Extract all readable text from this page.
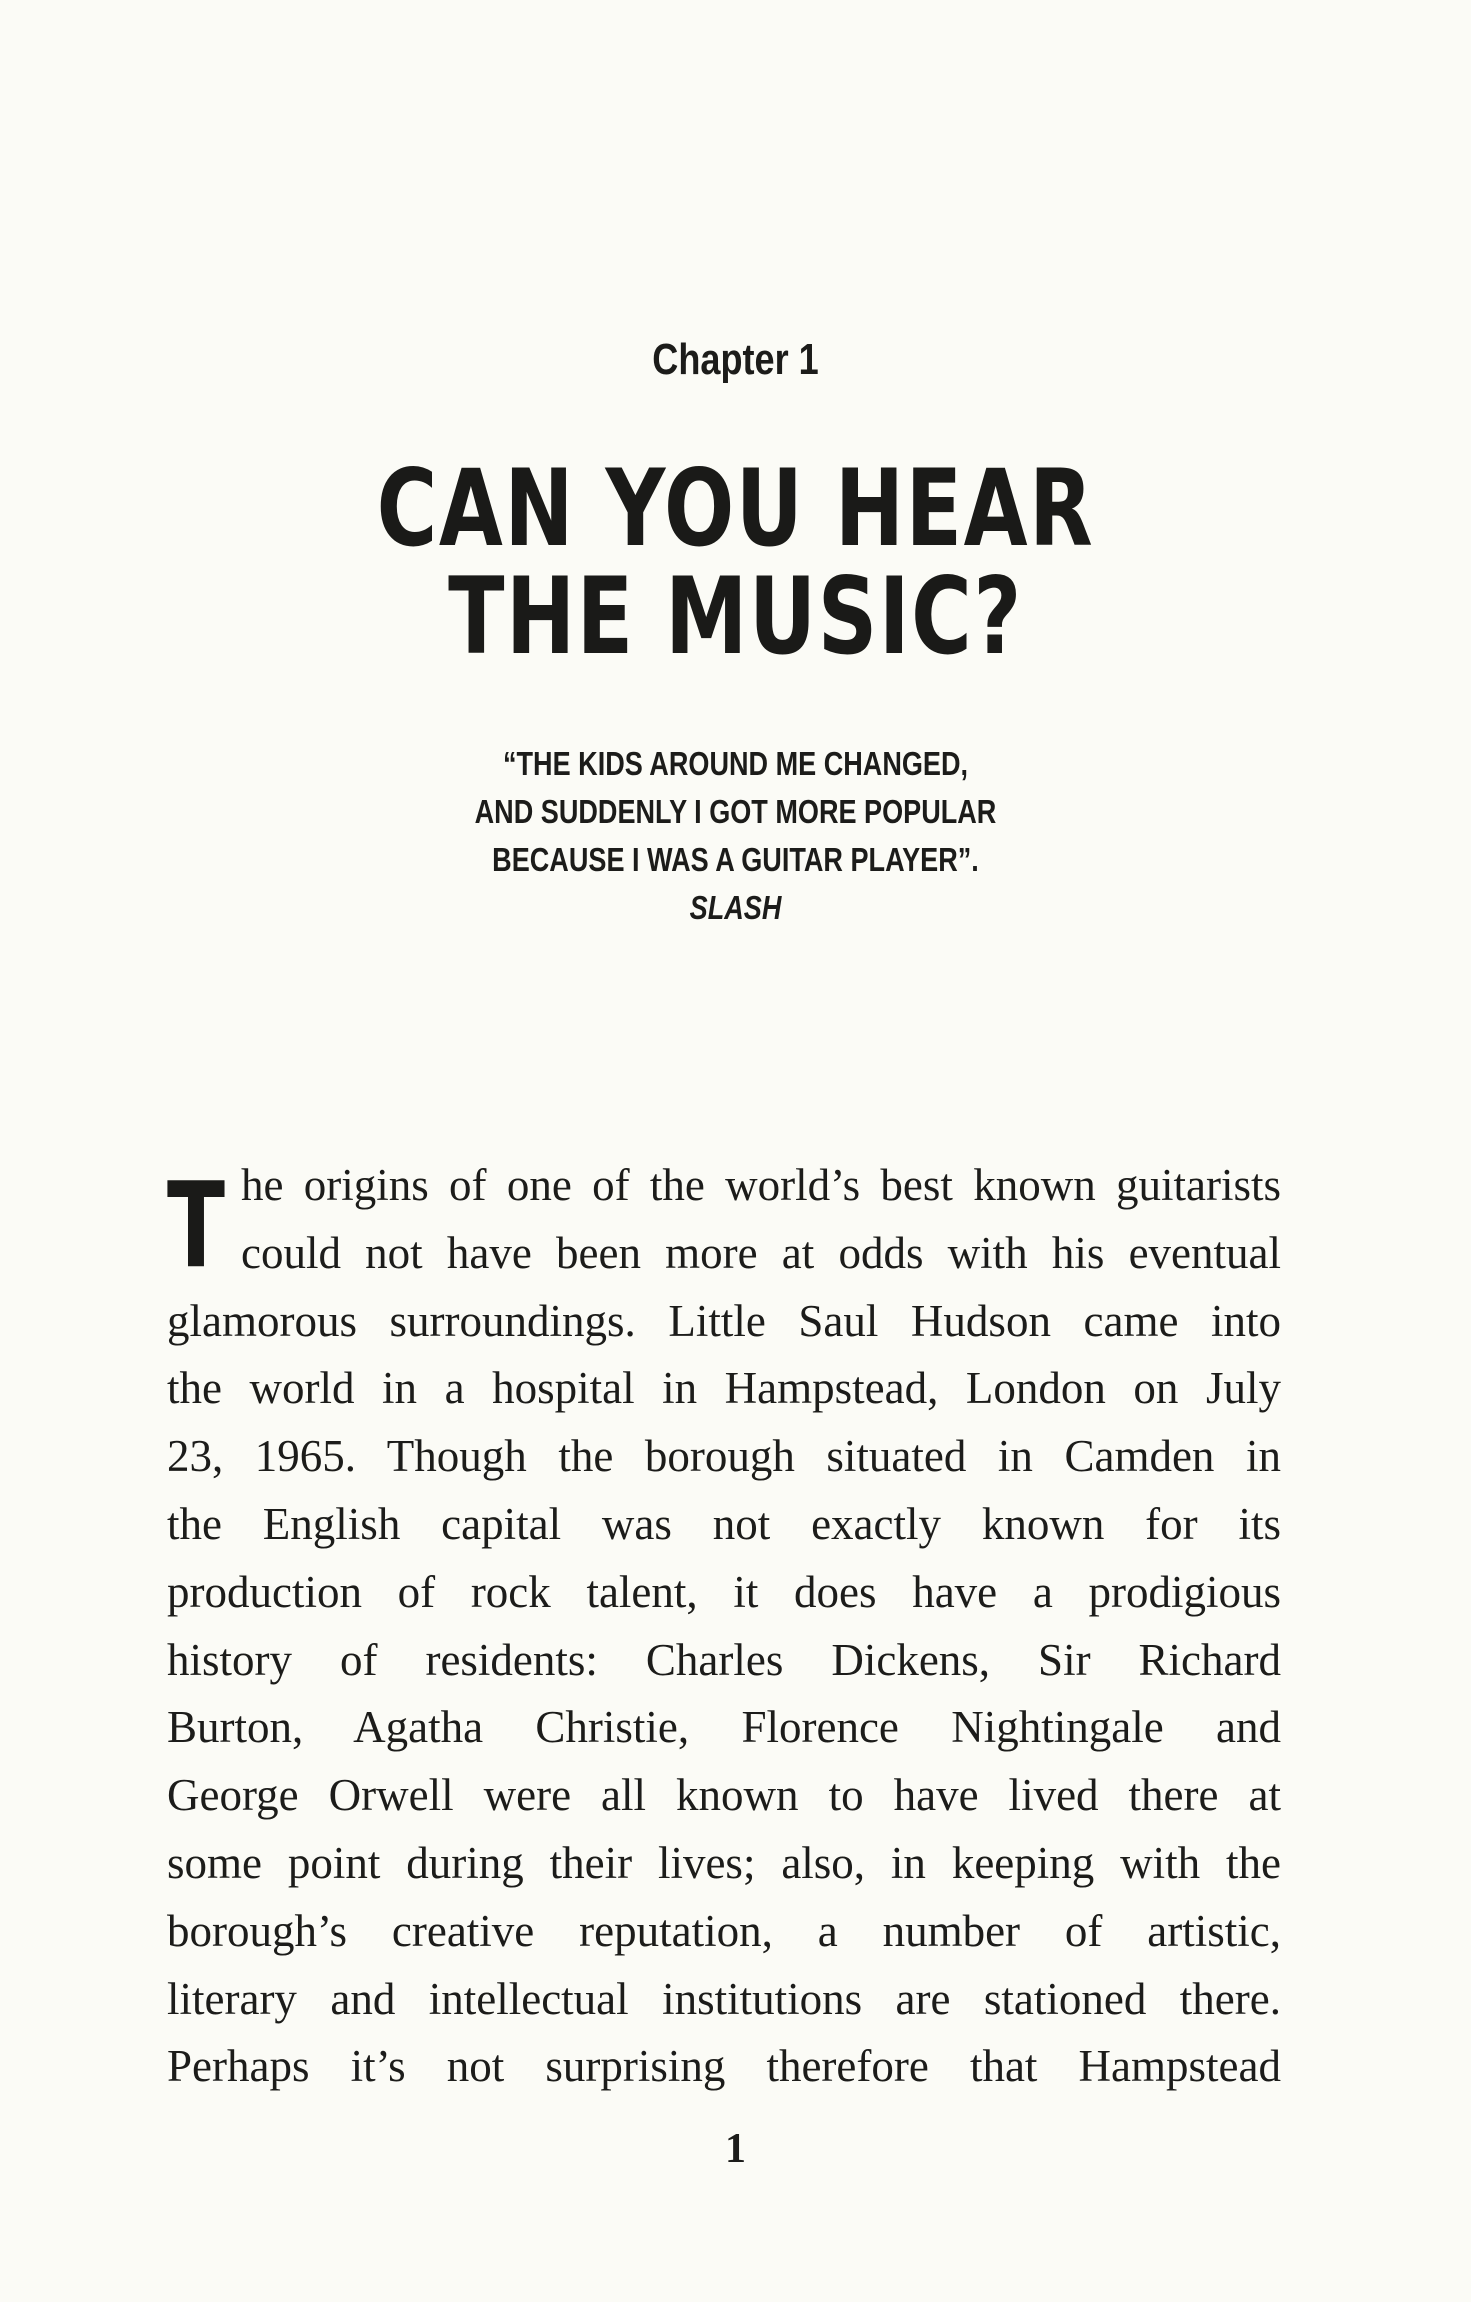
Chapter 1
CAN YOU HEAR
THE MUSIC?
“THE KIDS AROUND ME CHANGED,
AND SUDDENLY I GOT MORE POPULAR
BECAUSE I WAS A GUITAR PLAYER”.
SLASH
T he origins of one of the world’s best known guitarists
could not have been more at odds with his eventual
glamorous surroundings. Little Saul Hudson came into
the world in a hospital in Hampstead, London on July
23, 1965. Though the borough situated in Camden in
the English capital was not exactly known for its
production of rock talent, it does have a prodigious
history of residents: Charles Dickens, Sir Richard
Burton, Agatha Christie, Florence Nightingale and
George Orwell were all known to have lived there at
some point during their lives; also, in keeping with the
borough’s creative reputation, a number of artistic,
literary and intellectual institutions are stationed there.
Perhaps it’s not surprising therefore that Hampstead
1
